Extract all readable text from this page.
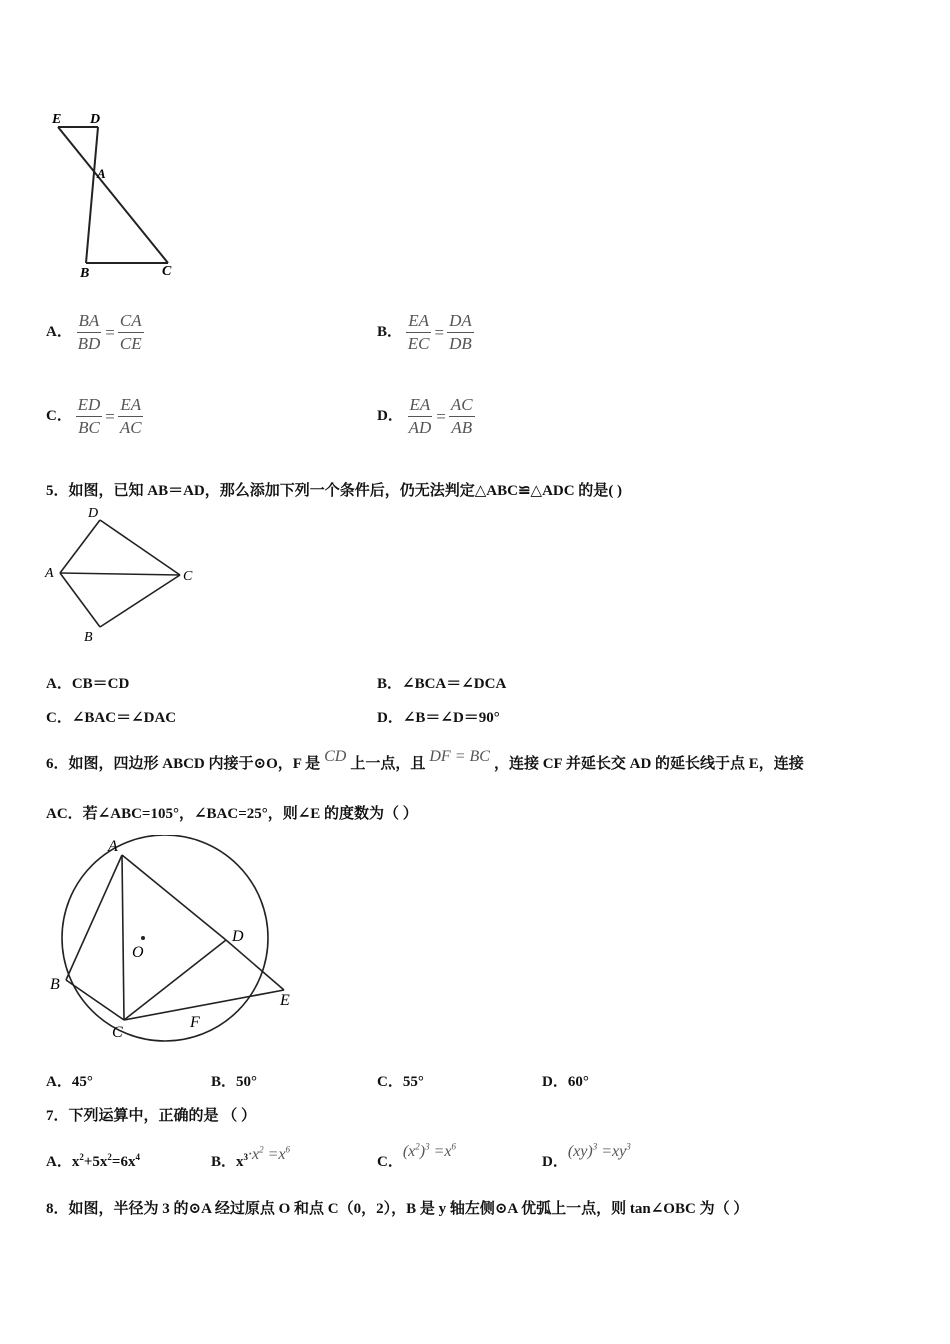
E D
A
B	C
A． $\frac{BA}{BD} = \frac{CA}{CE}$	B． $\frac{EA}{EC} = \frac{DA}{DB}$
C． $\frac{ED}{BC} = \frac{EA}{AC}$	D． $\frac{EA}{AD} = \frac{AC}{AB}$
5．如图，已知 AB＝AD，那么添加下列一个条件后，仍无法判定△ABC≌△ADC 的是( )
D
A	C
B
A．CB＝CD	B．∠BCA＝∠DCA
C．∠BAC＝∠DAC	D．∠B＝∠D＝90°
6．如图，四边形 ABCD 内接于⊙O，F 是 CD 上一点，且 DF = BC ，连接 CF 并延长交 AD 的延长线于点 E，连接
AC．若∠ABC=105°，∠BAC=25°，则∠E 的度数为（ ）
A
B
C
D
E
F
O
A．45°	B．50°	C．55°	D．60°
7．下列运算中，正确的是 （ ）
A．$x^2+5x^2=6x^4$	B．$x^3\cdot x^2 =x^6$
C．$(x^2)^3 =x^6$
D．$(xy)^3 =xy^3$
8．如图，半径为 3 的⊙A 经过原点 O 和点 C（0，2），B 是 y 轴左侧⊙A 优弧上一点，则 tan∠OBC 为（ ）
